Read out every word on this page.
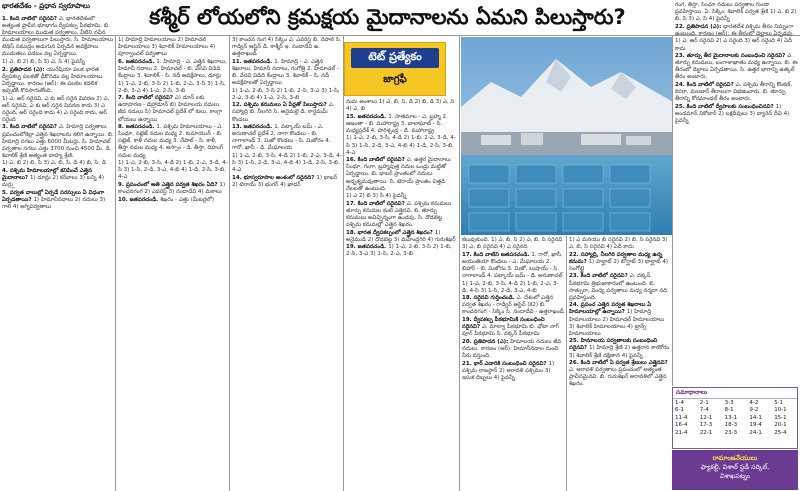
భారతదేశం - ప్రధాన స్వరూపాలు	కశ్మీర్ లోయలోని క్రమక్షయ మైదానాలను ఏమని పిలుస్తారు?

1. కింది వాటిలో సరైనవి? ఎ. భారతదేశంలో అత్యంత ప్రాచీన భూభాగం ద్వీపకల్ప పీఠభూమి. బి. హిమాలయాలు ముడుత పర్వతాలు, వీటిని నవీన ముడుత పర్వతాలుగా పిలుస్తారు. సి. హిమాలయాలు టెథిస్ సముద్రం అడుగున ఏర్పడిన అవక్షేపాలు ముడుతలు పడటం వల్ల ఏర్పడ్డాయి.

1) ఎ, బి 2) బి, సి 3) ఎ, సి 4) పైవన్నీ

2. ప్రతిపాదన (ఎ): యురేషియా పలక భారత ద్వీపకల్ప పలకతో ఢీకొనడం వల్ల హిమాలయాలు ఏర్పడ్డాయి. కారణం (ఆర్): ఈ పలకల కదలిక ఇప్పటికీ కొనసాగుతోంది.

1) ఎ, ఆర్ సరైనవి, ఎ కు ఆర్ సరైన వివరణ 2) ఎ, ఆర్ సరైనవి, ఎ కు ఆర్ సరైన వివరణ కాదు 3) ఎ సరైంది, ఆర్ సరైంది కాదు 4) ఎ సరైంది కాదు, ఆర్ సరైంది

3. కింది వాటిలో సరైనవి? ఎ. హిమాద్రి పర్వతాలు ప్రపంచంలోకెల్లా ఎత్తైన శిఖరాలను కలిగి ఉన్నాయి. బి. హిమాద్రి సగటు ఎత్తు 6000 మీటర్లు. సి. హిమాచల్ పర్వతాల సగటు ఎత్తు 3700 నుంచి 4500 మీ. డి. శివాలిక్ శ్రేణి అత్యంత బాహ్య శ్రేణి.

1) ఎ, బి 2) బి, సి 3) ఎ, బి, సి, డి 4) బి, సి, డి

4. పశ్చిమ హిమాలయాల్లో కనిపించే ఎత్తైన మైదానాలు? 1) డూన్లు 2) కరేవాలు 3) బన్ని 4) మర్గ్లు

5. పర్వత వాలుల్లో ఏర్పడే సరస్సులు ఏ విధంగా ఏర్పడతాయి? 1) హిమానీనదాలు 2) నదులు 3) గాలి 4) అగ్నిపర్వతాలు

1) హిమాద్రి హిమాలయాలు 2) హిమాచల్ హిమాలయాలు 3) శివాలిక్ హిమాలయాలు 4) పూర్వాంచల్ పర్వతాలు

6. జతపరచండి. 1. హిమాద్రి - ఎ. ఎత్తైన శిఖరాలు, హిమానీ నదాలు 2. హిమాచల్ - బి. వేసవి విడిది కేంద్రాలు 3. శివాలిక్ - సి. నదీ అవక్షేపాలు, డూన్లు

1) 1-ఎ, 2-బి, 3-సి 2) 1-బి, 2-ఎ, 3-సి 3) 1-సి, 2-బి, 3-ఎ 4) 1-ఎ, 2-సి, 3-బి

7. కింది వాటిలో సరైనవి? ఎ) డూన్ లకు ఉదాహరణ - డెహ్రాడూన్ బి) హిమాలయ నదులు జీవ నదులు సి) హిమాచల్ ప్రదేశ్ లో కులు, కాంగ్రా లోయలు ఉన్నాయి

8. జతపరచండి. 1. పశ్చిమ హిమాలయాలు - ఎ. సింధూ, సట్లెజ్ నదుల మధ్య 2. కుమాయున్ - బి. సట్లెజ్, కాళీ నదుల మధ్య 3. నేపాల్ - సి. కాళీ, తీస్తా నదుల మధ్య 4. అస్సాం - డి. తీస్తా, దిహంగ్ నదుల మధ్య

1) 1-ఎ, 2-బి, 3-సి, 4-డి 2) 1-బి, 2-ఎ, 3-డి, 4-సి 3) 1-సి, 2-డి, 3-ఎ, 4-బి 4) 1-డి, 2-సి, 3-బి, 4-ఎ

9. ప్రపంచంలో అతి ఎత్తైన పర్వత శిఖరం ఏది? 1) కాంచనగంగ 2) ఎవరెస్ట్ 3) నందాదేవి 4) మకాలు

10. జతపరచండి. శిఖరం - ఎత్తు (మీటర్లలో)

3) కాంచన గంగ 4) సిక్కిం ఎ. ఎవరెస్ట్ బి. నేపాల్ సి. గాడ్విన్ ఆస్టిన్ డి. కాశ్మీర్ ఇ. నందాదేవి ఉ. ఉత్తరాఖండ్

11. జతపరచండి. 1. హిమాద్రి - ఎ. ఎత్తైన శిఖరాలు, హిమానీ నదాలు, గంగోత్రి 2. హిమాచల్ - బి. వేసవి విడిది కేంద్రాలు 3. శివాలిక్ - సి. నదీ అవక్షేపాలతో ఏర్పడ్డాయి

1) 1-ఎ, 2-బి, 3-సి 2) 1-బి, 2-సి, 3-ఎ 3) 1-సి, 2-ఎ, 3-బి 4) 1-ఎ, 2-సి, 3-బి

12. పశ్చిమ కనుమలు ఏ పేర్లతో పిలుస్తారు? ఎ. సహ్యాద్రి బి. నీలగిరి సి. అనైమలై డి. కార్డమమ్ కొండలు

13. జతపరచండి. 1. పట్కాయ్ బమ్ - ఎ. అరుణాచల్ ప్రదేశ్ 2. నాగా కొండలు - బి. నాగాలాండ్ 3. మిజో కొండలు - సి. మిజోరం 4. గారో, ఖాసీ - డి. మేఘాలయ

1) 1-ఎ, 2-బి, 3-సి, 4-డి 2) 1-బి, 2-ఎ, 3-డి, 4-సి 3) 1-సి, 2-డి, 3-ఎ, 4-బి 4) 1-డి, 2-సి, 3-బి, 4-ఎ

14. భూస్వరూపాల అంశంలో సరైనది? 1) భాబర్ 2) టెరాయ్ 3) భంగర్ 4) ఖాదర్

టెట్ ప్రత్యేకం
జాగ్రఫీ

నుమ అంశాలు 1) ఎ, బి, సి, డి 2) బి, డి 3) ఎ, సి 4) ఎ, బి

15. జతపరచండి. 1. సాతమాల - ఎ. బ్రహ్మ 2. ఆజంతా - బి. మహారాష్ట్ర 3. బాలాఘాట్ - సి. మధ్యప్రదేశ్ 4. హరిశ్చంద్ర - డి. మహారాష్ట్ర

1) 1-ఎ, 2-బి, 3-సి, 4-డి 2) 1-బి, 2-ఎ, 3-డి, 4-సి 3) 1-సి, 2-డి, 3-ఎ, 4-బి 4) 1-డి, 2-సి, 3-బి, 4-ఎ

16. కింది వాటిలో సరైనవి? ఎ. ఉత్తర మైదానాలు సింధూ, గంగా, బ్రహ్మపుత్ర నదుల ఒండ్రు మట్టితో ఏర్పడ్డాయి. బి. భాబర్ ప్రాంతంలో నదులు అదృశ్యమవుతాయి. సి. టెరాయ్ ప్రాంతం చిత్తడి నేలలతో ఉంటుంది.

1) ఎ 2) బి 3) సి 4) పైవన్నీ

17. కింది వాటిలో సరైనవి? ఎ. పశ్చిమ కనుమలు తూర్పు కనుమల కంటే ఎత్తైనవి. బి. తూర్పు కనుమలు అవిచ్ఛిన్నంగా ఉండవు. సి. దొడబెట్ట పశ్చిమ కనుమల్లో ఎత్తైన శిఖరం.

18. భారత ద్వీపకల్పంలో ఎత్తైన శిఖరం? 1) అనైముడి 2) దొడబెట్ట 3) మహేంద్రగిరి 4) గురుశిఖర్

19. జతపరచండి. 1) 1-ఎ, 2-బి, 3-సి 2) 1-బి, 2-సి, 3-ఎ 3) 1-సి, 2-ఎ, 3-బి

కలువుకుంది. 1) ఎ, బి, సి 2) ఎ, బి, సి సరైనవి 3) ఎ, బి సరైనవి 4) ఎ సరైనది

17. కింది వాటిని జతపరచండి. 1. గారో, ఖాసీ, జయంతియా కొండలు - ఎ. మేఘాలయ 2. బిహార్ - బి. మిజోరం 3. మిజో, లుషాయ్ - సి. నాగాలాండ్ 4. పట్కాయ్ బమ్ - డి. అరుణాచల్

1) 1-ఎ, 2-బి, 3-సి, 4-డి 2) 1-బి, 2-ఎ, 3-డి, 4-సి 3) 1-సి, 2-డి, 3-ఎ, 4-బి

18. సరైనవి గుర్తించండి. ఎ. దేశంలో ఎత్తైన పర్వత శిఖరం - గాడ్విన్ ఆస్టిన్ (కె2) బి. కాంచనగంగ - సిక్కిం సి. నందాదేవి - ఉత్తరాఖండ్

19. ద్వీపకల్ప పీఠభూమికి సంబంధించి సరైనవి? ఎ. మాల్వా పీఠభూమి బి. ఛోటా నాగ్ పూర్ పీఠభూమి సి. దక్కన్ పీఠభూమి

20. ప్రతిపాదన (ఎ): హిమాలయ నదులు జీవ నదులు. కారణం (ఆర్): హిమానీనదాల నుంచి నీరు వస్తుంది.

21. థార్ ఎడారికి సంబంధించి సరైనవి? 1) పశ్చిమ రాజస్థాన్ 2) అరావళి పశ్చిమం 3) ఇసుక దిబ్బలు 4) పైవన్నీ

1) ఎ మరియు బి సరైనవి 2) బి, సి సరైనవి 3) ఎ, బి, సి సరైనవి 4) ఏదీ కాదు

22. సహ్యాద్రి, నీలగిరి పర్వతాల మధ్య ఉన్న కనుమ? 1) పాల్ఘాట్ 2) బోర్ఘాట్ 3) థాల్ఘాట్ 4) సెంగోట్టై

23. కింది వాటిలో సరైనవి? ఎ. దక్కన్ పీఠభూమి త్రిభుజాకారంలో ఉంటుంది. బి. సాత్పురా, వింధ్య పర్వతాలు మధ్య నర్మదా నది ప్రవహిస్తుంది.

24. ప్రపంచ ఎత్తైన పర్వత శిఖరాలు ఏ హిమాలయాల్లో ఉన్నాయి? 1) హిమాద్రి హిమాలయాలు 2) హిమాచల్ హిమాలయాలు 3) శివాలిక్ హిమాలయాలు 4) ట్రాన్స్ హిమాలయాలు

25. హిమాలయ పర్వతాలకు సంబంధించి సరైనవి? 1) హిమాద్రి శ్రేణి 2) ఉత్తరాన కారకోరం 3) శివాలిక్ శ్రేణి దక్షిణాన 4) పైవన్నీ

26. కింది వాటిలో ఏ పర్వత శ్రేణులు ఎత్తైనవి? ఎ. అరావళి పర్వతాలు ప్రపంచంలో అత్యంత ప్రాచీనమైనవి. బి. గురుశిఖర్ అరావళిలో ఎత్తైన శిఖరం.

గంగ, తీస్తా, సింధూ నదులు పర్వతాల గుండా ప్రవహిస్తాయి. ఏ. సిక్కిం. శివాలిక్ పర్వత శ్రేణి 1) ఎ, బి 2) బి, సి 3) ఎ, సి 4) పైవన్నీ

22. ప్రతిపాదన (ఎ): భారతదేశ పశ్చిమ తీరం నిమ్నంగా ఉంటుంది. కారణం (ఆర్): ఈ తీరంలో డెల్టాలు ఏర్పడవు.

1) ఎ, ఆర్ సరైనవి 2) ఎ సరైంది 3) ఆర్ సరైంది 4) ఏదీ కాదు

23. తూర్పు తీర మైదానాలకు సంబంధించి సరైనవి? ఎ. తూర్పు కనుమలు, బంగాళాఖాతం మధ్య ఉన్నాయి. బి. ఈ తీరంలో డెల్టాలు ఏర్పడతాయి. సి. ఉత్తర భాగాన్ని ఉత్కల్ తీరం అంటారు.

24. కింది వాటిలో సరైనవి? ఎ. పశ్చిమ తీరాన్ని కొంకణ్, కెనరా, మలబార్ తీరాలుగా విభజించారు. బి. తూర్పు తీరాన్ని కోరమాండల్ తీరం అంటారు.

25. కింది వాటిలో ద్వీపాలకు సంబంధించినవి? 1) అండమాన్ నికోబార్ 2) లక్షదీవులు 3) బ్యారెన్ దీవి 4) పైవన్నీ

సమాధానాలు
1-4	2-1	3-3	4-2	5-1
6-1	7-4	8-1	9-2	10-1
11-4	12-1	13-1	14-1	15-1
16-4	17-3	18-3	19-4	20-1
21-4	22-1	23-3	24-1	25-4
రామాంజనేయులు
ఫ్యాకల్టీ, విశాల్ స్టడీ సర్కిల్,
విశాఖపట్నం
